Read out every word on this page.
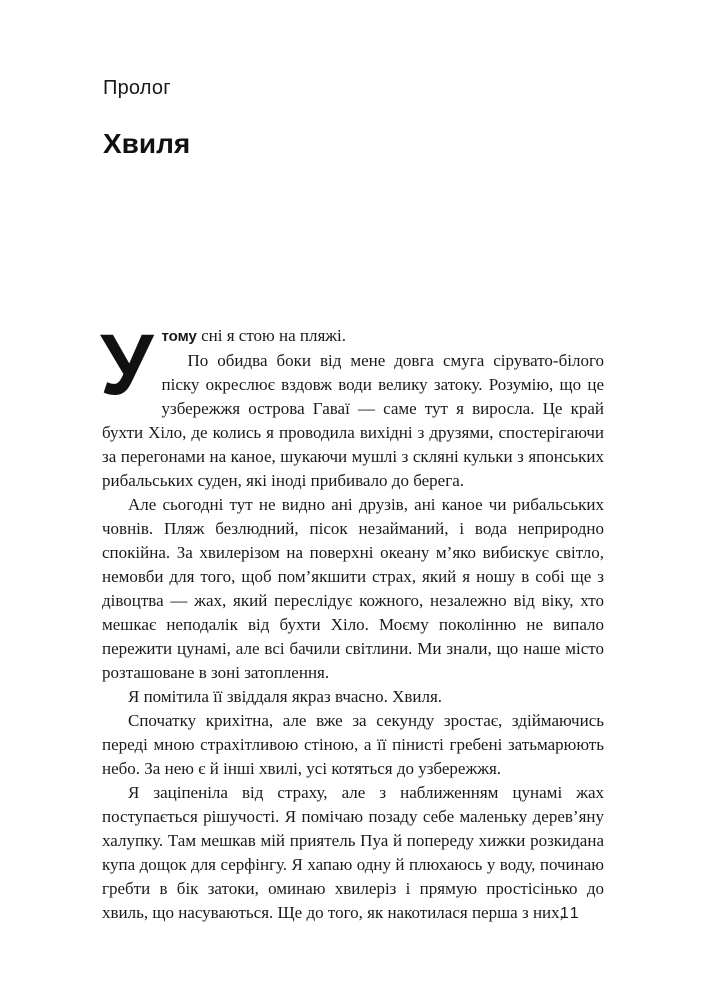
Пролог
Хвиля

Утому сні я стою на пляжі.

По обидва боки від мене довга смуга сірувато-білого піску окреслює вздовж води велику затоку. Розумію, що це узбережжя острова Гаваї — саме тут я виросла. Це край бухти Хіло, де колись я проводила вихідні з друзями, спостерігаючи за перегонами на каное, шукаючи мушлі з скляні кульки з японських рибальських суден, які іноді прибивало до берега.

Але сьогодні тут не видно ані друзів, ані каное чи рибальських човнів. Пляж безлюдний, пісок незайманий, і вода неприродно спокійна. За хвилерізом на поверхні океану м’яко вибискує світло, немовби для того, щоб пом’якшити страх, який я ношу в собі ще з дівоцтва — жах, який переслідує кожного, незалежно від віку, хто мешкає неподалік від бухти Хіло. Моєму поколінню не випало пережити цунамі, але всі бачили світлини. Ми знали, що наше місто розташоване в зоні затоплення.

Я помітила її звіддаля якраз вчасно. Хвиля.

Спочатку крихітна, але вже за секунду зростає, здіймаючись переді мною страхітливою стіною, а її пінисті гребені затьмарюють небо. За нею є й інші хвилі, усі котяться до узбережжя.

Я заціпеніла від страху, але з наближенням цунамі жах поступається рішучості. Я помічаю позаду себе маленьку дерев’яну халупку. Там мешкав мій приятель Пуа й попереду хижки розкидана купа дощок для серфінгу. Я хапаю одну й плюхаюсь у воду, починаю гребти в бік затоки, оминаю хвилеріз і прямую простісінько до хвиль, що насуваються. Ще до того, як накотилася перша з них,

11
